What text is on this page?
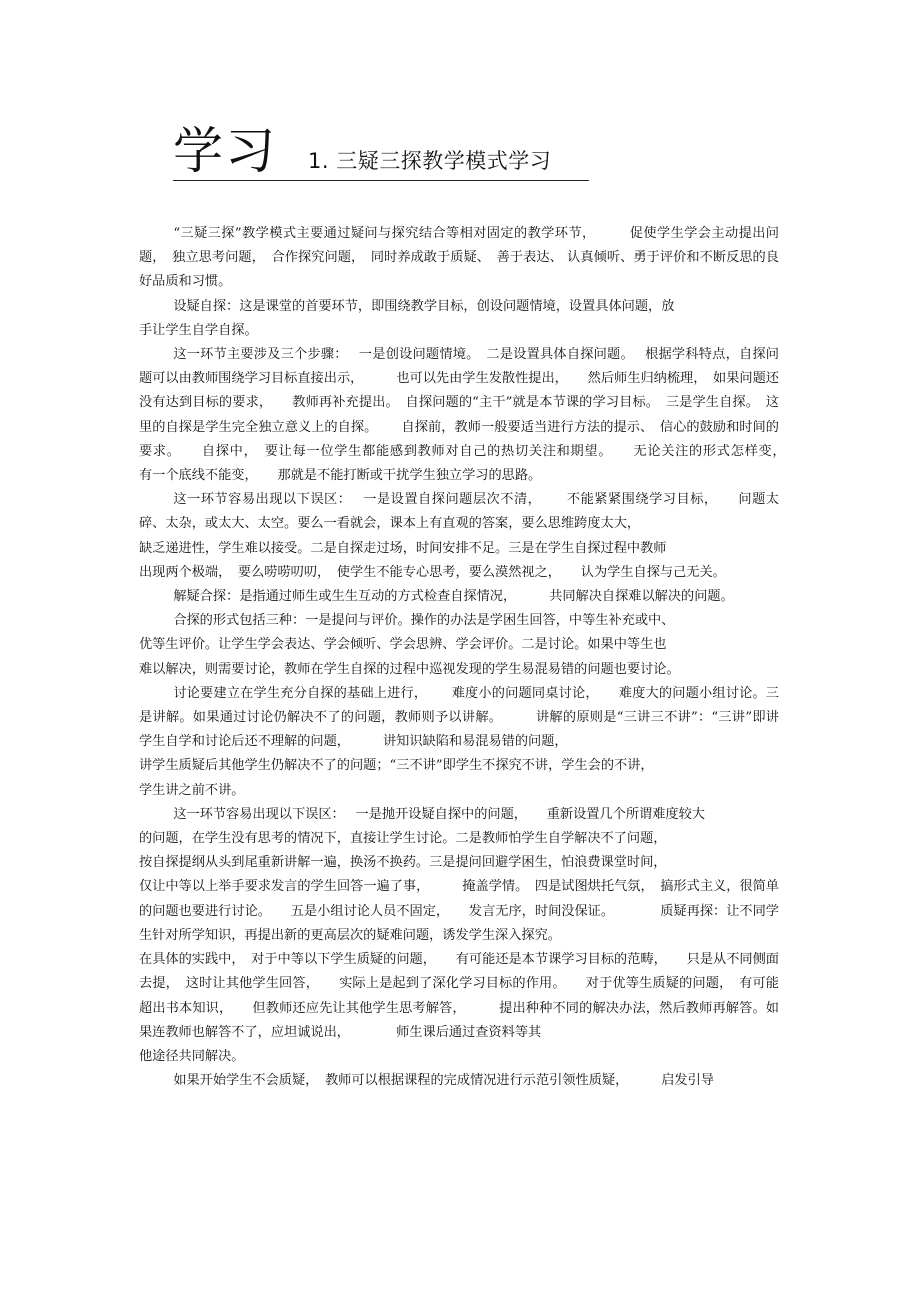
学习 1. 三疑三探教学模式学习

“三疑三探”教学模式主要通过疑问与探究结合等相对固定的教学环节，　　　促使学生学会主动提出问题，　独立思考问题，　合作探究问题，　同时养成敢于质疑、　善于表达、 认真倾听、勇于评价和不断反思的良好品质和习惯。

设疑自探：这是课堂的首要环节，即围绕教学目标，创设问题情境，设置具体问题，放

手让学生自学自探。

这一环节主要涉及三个步骤：　 一是创设问题情境。　二是设置具体自探问题。　 根据学科特点，自探问题可以由教师围绕学习目标直接出示，　　　也可以先由学生发散性提出，　　然后师生归纳梳理，　如果问题还没有达到目标的要求，　　教师再补充提出。　自探问题的“主干”就是本节课的学习目标。　三是学生自探。　这里的自探是学生完全独立意义上的自探。　　 自探前，教师一般要适当进行方法的提示、　信心的鼓励和时间的要求。　　自探中，　要让每一位学生都能感到教师对自己的热切关注和期望。　　无论关注的形式怎样变，　　有一个底线不能变，　　那就是不能打断或干扰学生独立学习的思路。

这一环节容易出现以下误区：　 一是设置自探问题层次不清，　　 不能紧紧围绕学习目标，　　问题太碎、太杂，或太大、太空。要么一看就会，课本上有直观的答案，要么思维跨度太大，

缺乏递进性，学生难以接受。二是自探走过场，时间安排不足。三是在学生自探过程中教师

出现两个极端，　要么唠唠叨叨，　使学生不能专心思考，要么漠然视之，　　认为学生自探与己无关。

解疑合探：是指通过师生或生生互动的方式检查自探情况，　　　共同解决自探难以解决的问题。

合探的形式包括三种：一是提问与评价。操作的办法是学困生回答，中等生补充或中、

优等生评价。让学生学会表达、学会倾听、学会思辨、学会评价。二是讨论。如果中等生也

难以解决，则需要讨论，教师在学生自探的过程中巡视发现的学生易混易错的问题也要讨论。

讨论要建立在学生充分自探的基础上进行，　　 难度小的问题同桌讨论，　　难度大的问题小组讨论。三是讲解。如果通过讨论仍解决不了的问题，教师则予以讲解。　　　讲解的原则是“三讲三不讲”：“三讲”即讲学生自学和讨论后还不理解的问题，　　　讲知识缺陷和易混易错的问题，

讲学生质疑后其他学生仍解决不了的问题；“三不讲”即学生不探究不讲，学生会的不讲，

学生讲之前不讲。

这一环节容易出现以下误区：　 一是抛开设疑自探中的问题，　　重新设置几个所谓难度较大

的问题，在学生没有思考的情况下，直接让学生讨论。二是教师怕学生自学解决不了问题，

按自探提纲从头到尾重新讲解一遍，换汤不换药。三是提问回避学困生，怕浪费课堂时间，

仅让中等以上举手要求发言的学生回答一遍了事，　　　掩盖学情。　四是试图烘托气氛，　搞形式主义，很简单的问题也要进行讨论。　　五是小组讨论人员不固定，　　发言无序，时间没保证。　　　　质疑再探：让不同学生针对所学知识，再提出新的更高层次的疑难问题，诱发学生深入探究。

在具体的实践中，　对于中等以下学生质疑的问题，　　有可能还是本节课学习目标的范畴，　　只是从不同侧面去提，　这时让其他学生回答，　　实际上是起到了深化学习目标的作用。　　对于优等生质疑的问题，　有可能超出书本知识，　　但教师还应先让其他学生思考解答，　　　提出种种不同的解决办法，然后教师再解答。如果连教师也解答不了，应坦诚说出，　　　　师生课后通过查资料等其

他途径共同解决。

如果开始学生不会质疑，　教师可以根据课程的完成情况进行示范引领性质疑，　　　启发引导
